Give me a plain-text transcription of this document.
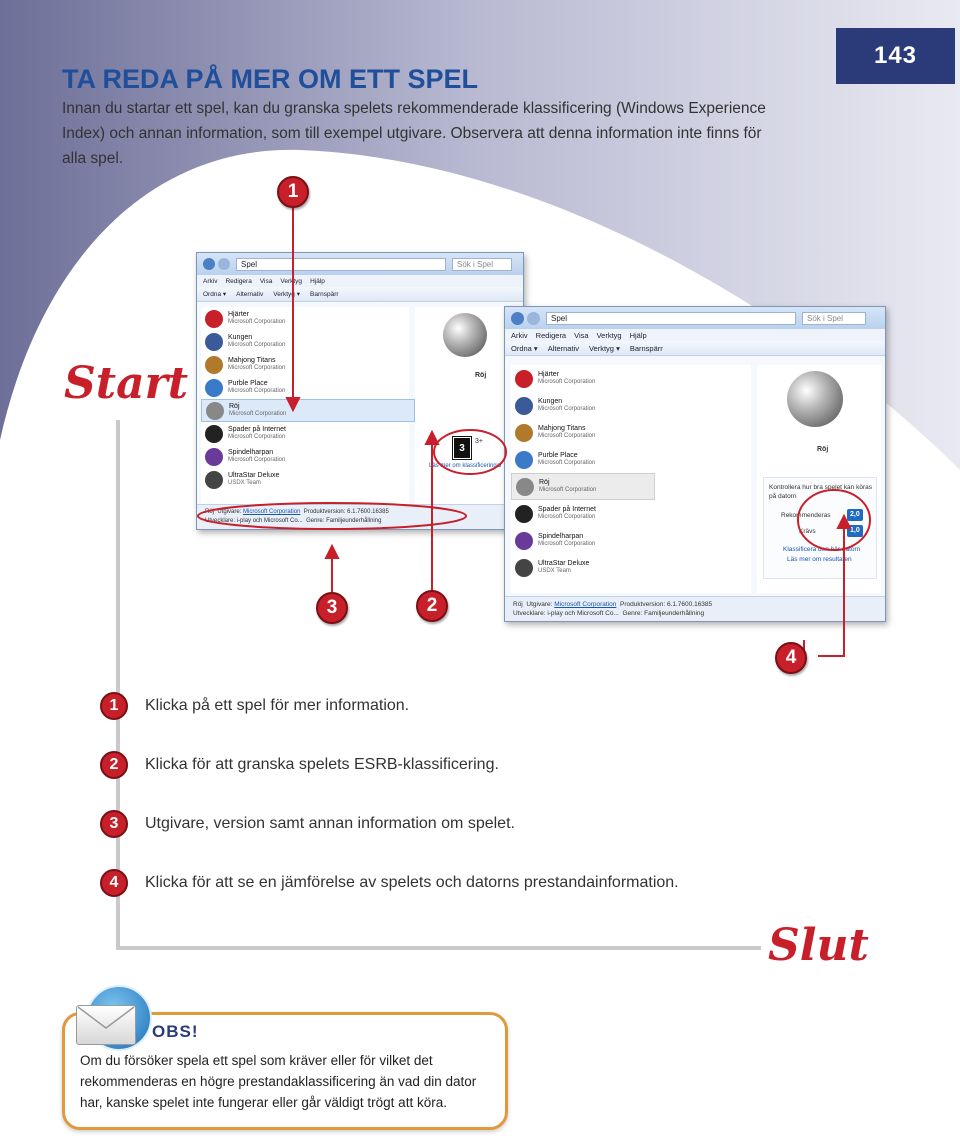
143
TA REDA PÅ MER OM ETT SPEL

Innan du startar ett spel, kan du granska spelets rekommenderade klassificering (Windows Experience Index) och annan information, som till exempel utgivare. Observera att denna information inte finns för alla spel.

Start
Spel	Sök i Spel
Arkiv Redigera Visa Verktyg Hjälp
Ordna ▾ Alternativ Verktyg ▾ Barnspärr
Hjärter
Microsoft Corporation
Kungen
Microsoft Corporation
Mahjong Titans
Microsoft Corporation
Purble Place
Microsoft Corporation
Röj
Microsoft Corporation
Spader på Internet
Microsoft Corporation
Spindelharpan
Microsoft Corporation
UltraStar Deluxe
USDX Team
Röj
3
3+
Läs mer om klassificeringar
Röj Utgivare: Microsoft Corporation Produktversion: 6.1.7600.16385
Utvecklare: i-play och Microsoft Co... Genre: Familjeunderhållning
Spel	Sök i Spel
Arkiv Redigera Visa Verktyg Hjälp
Ordna ▾ Alternativ Verktyg ▾ Barnspärr
Hjärter
Microsoft Corporation
Kungen
Microsoft Corporation
Mahjong Titans
Microsoft Corporation
Purble Place
Microsoft Corporation
Röj
Microsoft Corporation
Spader på Internet
Microsoft Corporation
Spindelharpan
Microsoft Corporation
UltraStar Deluxe
USDX Team
Röj
Kontrollera hur bra spelet kan köras på datorn
Rekommenderas	2,0
Krävs	1,0
Klassificera den här datorn
Läs mer om resultaten
Röj Utgivare: Microsoft Corporation Produktversion: 6.1.7600.16385
Utvecklare: i-play och Microsoft Co... Genre: Familjeunderhållning
1
3	2
4
1	Klicka på ett spel för mer information.
2	Klicka för att granska spelets ESRB-klassificering.
3	Utgivare, version samt annan information om spelet.
4	Klicka för att se en jämförelse av spelets och datorns prestandainformation.
Slut
OBS!

Om du försöker spela ett spel som kräver eller för vilket det rekommenderas en högre prestandaklassificering än vad din dator har, kanske spelet inte fungerar eller går väldigt trögt att köra.
